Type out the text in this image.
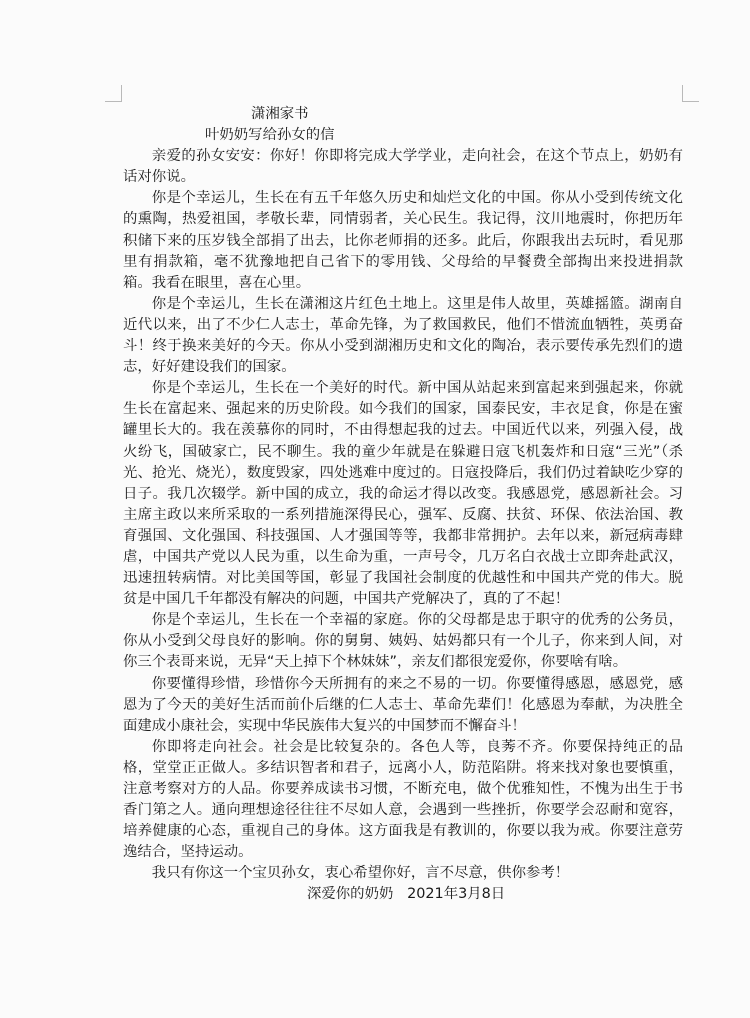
潇湘家书

叶奶奶写给孙女的信

亲爱的孙女安安：你好！你即将完成大学学业，走向社会，在这个节点上，奶奶有话对你说。

你是个幸运儿，生长在有五千年悠久历史和灿烂文化的中国。你从小受到传统文化的熏陶，热爱祖国，孝敬长辈，同情弱者，关心民生。我记得，汶川地震时，你把历年积储下来的压岁钱全部捐了出去，比你老师捐的还多。此后，你跟我出去玩时，看见那里有捐款箱，毫不犹豫地把自己省下的零用钱、父母给的早餐费全部掏出来投进捐款箱。我看在眼里，喜在心里。

你是个幸运儿，生长在潇湘这片红色土地上。这里是伟人故里，英雄摇篮。湖南自近代以来，出了不少仁人志士，革命先锋，为了救国救民，他们不惜流血牺牲，英勇奋斗！终于换来美好的今天。你从小受到湖湘历史和文化的陶冶，表示要传承先烈们的遗志，好好建设我们的国家。

你是个幸运儿，生长在一个美好的时代。新中国从站起来到富起来到强起来，你就生长在富起来、强起来的历史阶段。如今我们的国家，国泰民安，丰衣足食，你是在蜜罐里长大的。我在羡慕你的同时，不由得想起我的过去。中国近代以来，列强入侵，战火纷飞，国破家亡，民不聊生。我的童少年就是在躲避日寇飞机轰炸和日寇“三光”（杀光、抢光、烧光），数度毁家，四处逃难中度过的。日寇投降后，我们仍过着缺吃少穿的日子。我几次辍学。新中国的成立，我的命运才得以改变。我感恩党，感恩新社会。习主席主政以来所采取的一系列措施深得民心，强军、反腐、扶贫、环保、依法治国、教育强国、文化强国、科技强国、人才强国等等，我都非常拥护。去年以来，新冠病毒肆虐，中国共产党以人民为重，以生命为重，一声号令，几万名白衣战士立即奔赴武汉，迅速扭转病情。对比美国等国，彰显了我国社会制度的优越性和中国共产党的伟大。脱贫是中国几千年都没有解决的问题，中国共产党解决了，真的了不起！

你是个幸运儿，生长在一个幸福的家庭。你的父母都是忠于职守的优秀的公务员，你从小受到父母良好的影响。你的舅舅、姨妈、姑妈都只有一个儿子，你来到人间，对你三个表哥来说，无异“天上掉下个林妹妹”，亲友们都很宠爱你，你要啥有啥。

你要懂得珍惜，珍惜你今天所拥有的来之不易的一切。你要懂得感恩，感恩党，感恩为了今天的美好生活而前仆后继的仁人志士、革命先辈们！化感恩为奉献，为决胜全面建成小康社会，实现中华民族伟大复兴的中国梦而不懈奋斗！

你即将走向社会。社会是比较复杂的。各色人等，良莠不齐。你要保持纯正的品格，堂堂正正做人。多结识智者和君子，远离小人，防范陷阱。将来找对象也要慎重，注意考察对方的人品。你要养成读书习惯，不断充电，做个优雅知性，不愧为出生于书香门第之人。通向理想途径往往不尽如人意，会遇到一些挫折，你要学会忍耐和宽容，培养健康的心态，重视自己的身体。这方面我是有教训的，你要以我为戒。你要注意劳逸结合，坚持运动。

我只有你这一个宝贝孙女，衷心希望你好，言不尽意，供你参考！

深爱你的奶奶   2021年3月8日
